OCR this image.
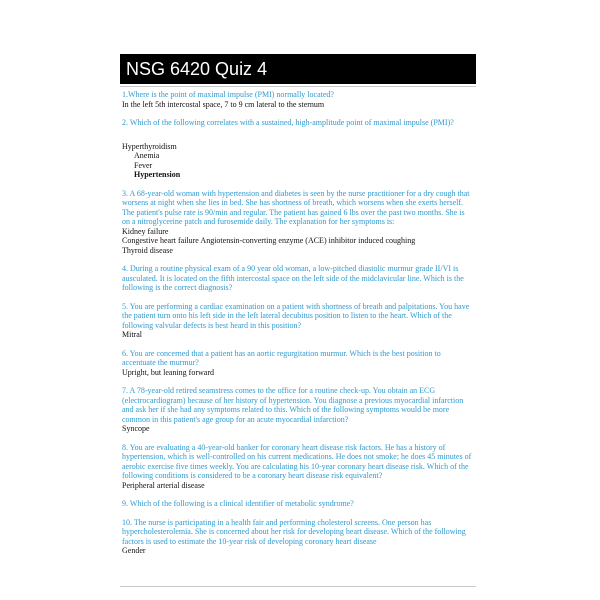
NSG 6420 Quiz 4
1.Where is the point of maximal impulse (PMI) normally located?
In the left 5th intercostal space, 7 to 9 cm lateral to the sternum
2. Which of the following correlates with a sustained, high-amplitude point of maximal impulse (PMI)?
Hyperthyroidism
Anemia
Fever
Hypertension
3. A 68-year-old woman with hypertension and diabetes is seen by the nurse practitioner for a dry cough that worsens at night when she lies in bed. She has shortness of breath, which worsens when she exerts herself. The patient's pulse rate is 90/min and regular. The patient has gained 6 lbs over the past two months. She is on a nitroglycerine patch and furosemide daily. The explanation for her symptoms is:
Kidney failure
Congestive heart failure Angiotensin-converting enzyme (ACE) inhibitor induced coughing
Thyroid disease
4. During a routine physical exam of a 90 year old woman, a low-pitched diastolic murmur grade II/VI is ausculated. It is located on the fifth intercostal space on the left side of the midclavicular line. Which is the following is the correct diagnosis?
5. You are performing a cardiac examination on a patient with shortness of breath and palpitations. You have the patient turn onto his left side in the left lateral decubitus position to listen to the heart. Which of the following valvular defects is best heard in this position?
Mitral
6. You are concerned that a patient has an aortic regurgitation murmur. Which is the best position to accentuate the murmur?
Upright, but leaning forward
7. A 78-year-old retired seamstress comes to the office for a routine check-up. You obtain an ECG (electrocardiogram) because of her history of hypertension. You diagnose a previous myocardial infarction and ask her if she had any symptoms related to this. Which of the following symptoms would be more common in this patient's age group for an acute myocardial infarction?
Syncope
8. You are evaluating a 40-year-old banker for coronary heart disease risk factors. He has a history of hypertension, which is well-controlled on his current medications. He does not smoke; he does 45 minutes of aerobic exercise five times weekly. You are calculating his 10-year coronary heart disease risk. Which of the following conditions is considered to be a coronary heart disease risk equivalent?
Peripheral arterial disease
9. Which of the following is a clinical identifier of metabolic syndrome?
10. The nurse is participating in a health fair and performing cholesterol screens. One person has hypercholesterolemia. She is concerned about her risk for developing heart disease. Which of the following factors is used to estimate the 10-year risk of developing coronary heart disease
Gender
